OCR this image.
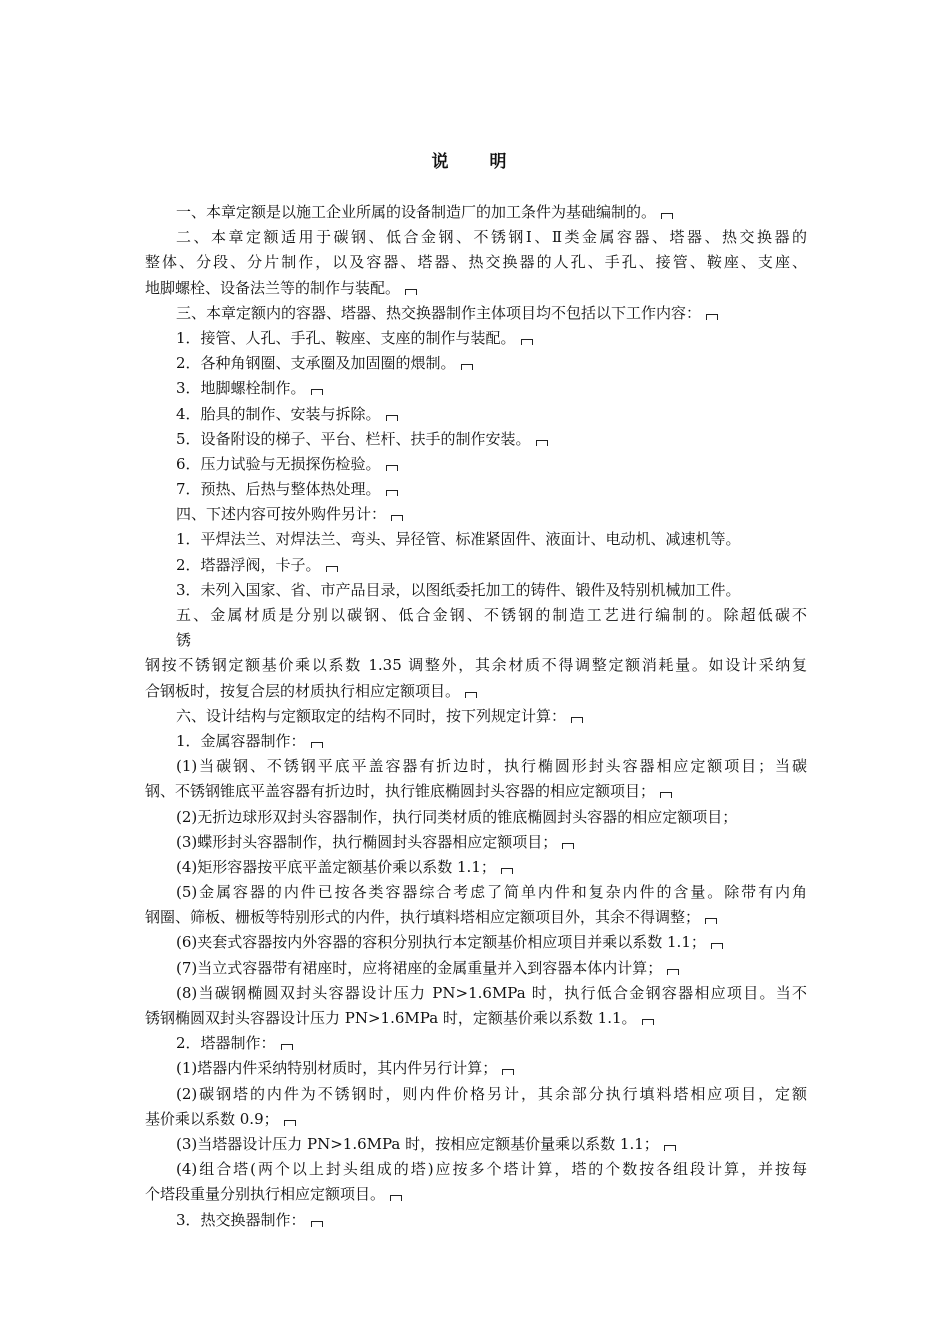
说　明
一、本章定额是以施工企业所属的设备制造厂的加工条件为基础编制的。
二、本章定额适用于碳钢、低合金钢、不锈钢Ⅰ、Ⅱ类金属容器、塔器、热交换器的
整体、分段、分片制作，以及容器、塔器、热交换器的人孔、手孔、接管、鞍座、支座、
地脚螺栓、设备法兰等的制作与装配。
三、本章定额内的容器、塔器、热交换器制作主体项目均不包括以下工作内容：
1．接管、人孔、手孔、鞍座、支座的制作与装配。
2．各种角钢圈、支承圈及加固圈的煨制。
3．地脚螺栓制作。
4．胎具的制作、安装与拆除。
5．设备附设的梯子、平台、栏杆、扶手的制作安装。
6．压力试验与无损探伤检验。
7．预热、后热与整体热处理。
四、下述内容可按外购件另计：
1．平焊法兰、对焊法兰、弯头、异径管、标准紧固件、液面计、电动机、减速机等。
2．塔器浮阀，卡子。
3．未列入国家、省、市产品目录，以图纸委托加工的铸件、锻件及特别机械加工件。
五、金属材质是分别以碳钢、低合金钢、不锈钢的制造工艺进行编制的。除超低碳不
锈
钢按不锈钢定额基价乘以系数 1.35 调整外，其余材质不得调整定额消耗量。如设计采纳复
合钢板时，按复合层的材质执行相应定额项目。
六、设计结构与定额取定的结构不同时，按下列规定计算：
1．金属容器制作：
(1)当碳钢、不锈钢平底平盖容器有折边时，执行椭圆形封头容器相应定额项目；当碳
钢、不锈钢锥底平盖容器有折边时，执行锥底椭圆封头容器的相应定额项目；
(2)无折边球形双封头容器制作，执行同类材质的锥底椭圆封头容器的相应定额项目；
(3)蝶形封头容器制作，执行椭圆封头容器相应定额项目；
(4)矩形容器按平底平盖定额基价乘以系数 1.1；
(5)金属容器的内件已按各类容器综合考虑了简单内件和复杂内件的含量。除带有内角
钢圈、筛板、栅板等特别形式的内件，执行填料塔相应定额项目外，其余不得调整；
(6)夹套式容器按内外容器的容积分别执行本定额基价相应项目并乘以系数 1.1；
(7)当立式容器带有裙座时，应将裙座的金属重量并入到容器本体内计算；
(8)当碳钢椭圆双封头容器设计压力 PN>1.6MPa 时，执行低合金钢容器相应项目。当不
锈钢椭圆双封头容器设计压力 PN>1.6MPa 时，定额基价乘以系数 1.1。
2．塔器制作：
(1)塔器内件采纳特别材质时，其内件另行计算；
(2)碳钢塔的内件为不锈钢时，则内件价格另计，其余部分执行填料塔相应项目，定额
基价乘以系数 0.9；
(3)当塔器设计压力 PN>1.6MPa 时，按相应定额基价量乘以系数 1.1；
(4)组合塔(两个以上封头组成的塔)应按多个塔计算，塔的个数按各组段计算，并按每
个塔段重量分别执行相应定额项目。
3．热交换器制作：
